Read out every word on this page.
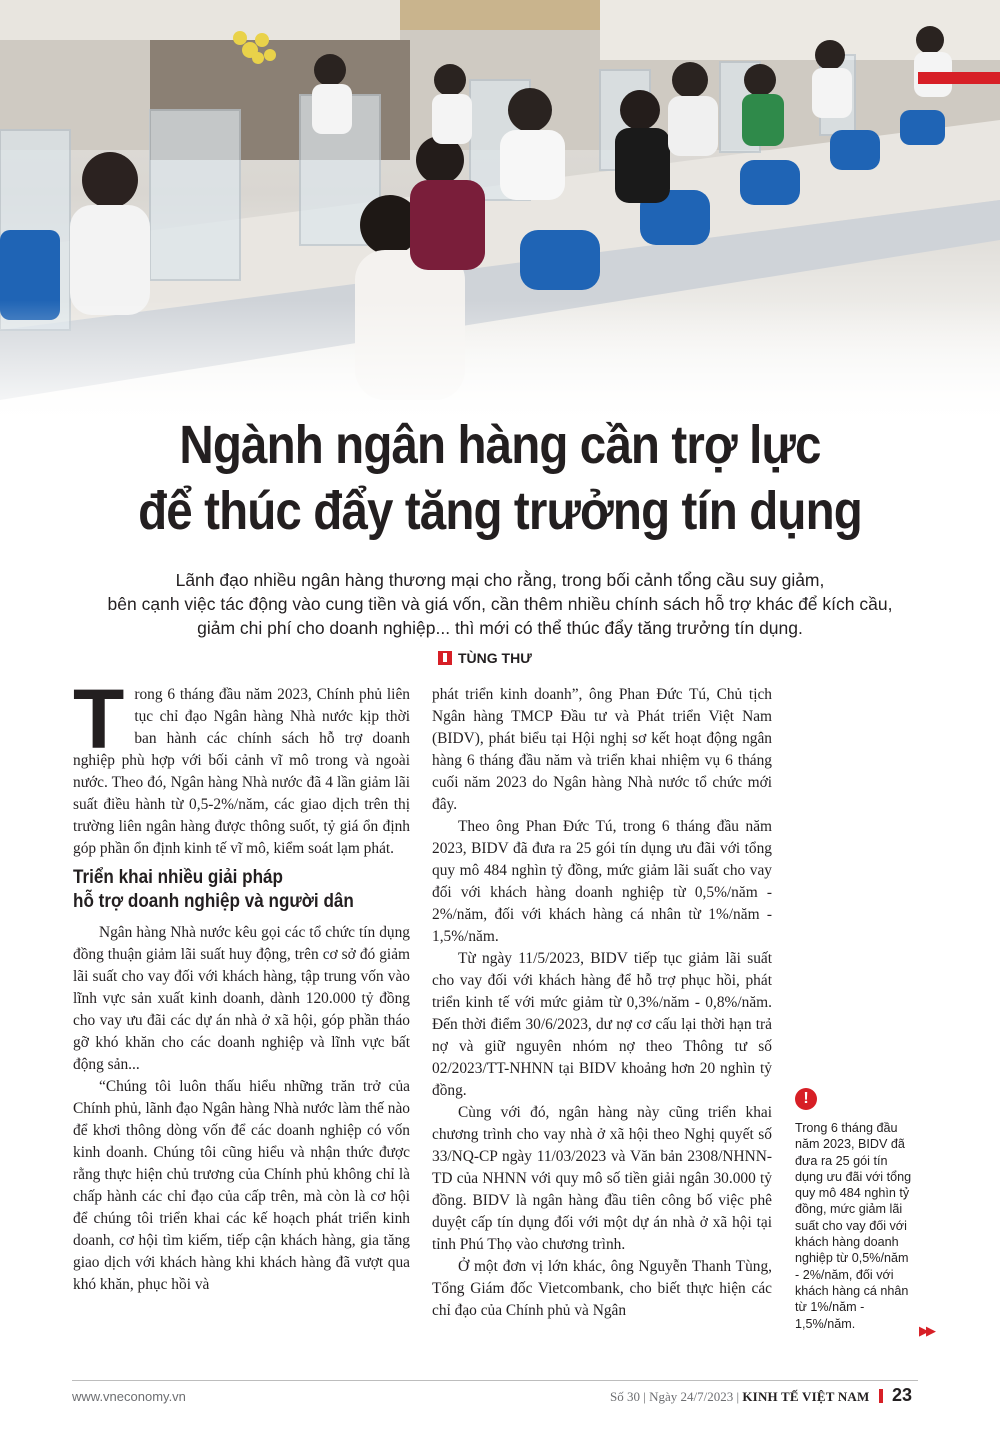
Ngành ngân hàng cần trợ lực
để thúc đẩy tăng trưởng tín dụng
Lãnh đạo nhiều ngân hàng thương mại cho rằng, trong bối cảnh tổng cầu suy giảm,
bên cạnh việc tác động vào cung tiền và giá vốn, cần thêm nhiều chính sách hỗ trợ khác để kích cầu,
giảm chi phí cho doanh nghiệp... thì mới có thể thúc đẩy tăng trưởng tín dụng.
TÙNG THƯ

Trong 6 tháng đầu năm 2023, Chính phủ liên tục chỉ đạo Ngân hàng Nhà nước kịp thời ban hành các chính sách hỗ trợ doanh nghiệp phù hợp với bối cảnh vĩ mô trong và ngoài nước. Theo đó, Ngân hàng Nhà nước đã 4 lần giảm lãi suất điều hành từ 0,5-2%/năm, các giao dịch trên thị trường liên ngân hàng được thông suốt, tỷ giá ổn định góp phần ổn định kinh tế vĩ mô, kiểm soát lạm phát.

Triển khai nhiều giải pháp
hỗ trợ doanh nghiệp và người dân

Ngân hàng Nhà nước kêu gọi các tổ chức tín dụng đồng thuận giảm lãi suất huy động, trên cơ sở đó giảm lãi suất cho vay đối với khách hàng, tập trung vốn vào lĩnh vực sản xuất kinh doanh, dành 120.000 tỷ đồng cho vay ưu đãi các dự án nhà ở xã hội, góp phần tháo gỡ khó khăn cho các doanh nghiệp và lĩnh vực bất động sản...

“Chúng tôi luôn thấu hiểu những trăn trở của Chính phủ, lãnh đạo Ngân hàng Nhà nước làm thế nào để khơi thông dòng vốn để các doanh nghiệp có vốn kinh doanh. Chúng tôi cũng hiểu và nhận thức được rằng thực hiện chủ trương của Chính phủ không chỉ là chấp hành các chỉ đạo của cấp trên, mà còn là cơ hội để chúng tôi triển khai các kế hoạch phát triển kinh doanh, cơ hội tìm kiếm, tiếp cận khách hàng, gia tăng giao dịch với khách hàng khi khách hàng đã vượt qua khó khăn, phục hồi và

phát triển kinh doanh”, ông Phan Đức Tú, Chủ tịch Ngân hàng TMCP Đầu tư và Phát triển Việt Nam (BIDV), phát biểu tại Hội nghị sơ kết hoạt động ngân hàng 6 tháng đầu năm và triển khai nhiệm vụ 6 tháng cuối năm 2023 do Ngân hàng Nhà nước tổ chức mới đây.

Theo ông Phan Đức Tú, trong 6 tháng đầu năm 2023, BIDV đã đưa ra 25 gói tín dụng ưu đãi với tổng quy mô 484 nghìn tỷ đồng, mức giảm lãi suất cho vay đối với khách hàng doanh nghiệp từ 0,5%/năm - 2%/năm, đối với khách hàng cá nhân từ 1%/năm - 1,5%/năm.

Từ ngày 11/5/2023, BIDV tiếp tục giảm lãi suất cho vay đối với khách hàng để hỗ trợ phục hồi, phát triển kinh tế với mức giảm từ 0,3%/năm - 0,8%/năm. Đến thời điểm 30/6/2023, dư nợ cơ cấu lại thời hạn trả nợ và giữ nguyên nhóm nợ theo Thông tư số 02/2023/TT-NHNN tại BIDV khoảng hơn 20 nghìn tỷ đồng.

Cùng với đó, ngân hàng này cũng triển khai chương trình cho vay nhà ở xã hội theo Nghị quyết số 33/NQ-CP ngày 11/03/2023 và Văn bản 2308/NHNN-TD của NHNN với quy mô số tiền giải ngân 30.000 tỷ đồng. BIDV là ngân hàng đầu tiên công bố việc phê duyệt cấp tín dụng đối với một dự án nhà ở xã hội tại tỉnh Phú Thọ vào chương trình.

Ở một đơn vị lớn khác, ông Nguyễn Thanh Tùng, Tổng Giám đốc Vietcombank, cho biết thực hiện các chỉ đạo của Chính phủ và Ngân

!
Trong 6 tháng đầu
năm 2023, BIDV đã
đưa ra 25 gói tín
dụng ưu đãi với tổng
quy mô 484 nghìn tỷ
đồng, mức giảm lãi
suất cho vay đối với
khách hàng doanh
nghiệp từ 0,5%/năm
- 2%/năm, đối với
khách hàng cá nhân
từ 1%/năm -
1,5%/năm.
▶▶
www.vneconomy.vn	Số 30 | Ngày 24/7/2023 | KINH TẾ VIỆT NAM 23
